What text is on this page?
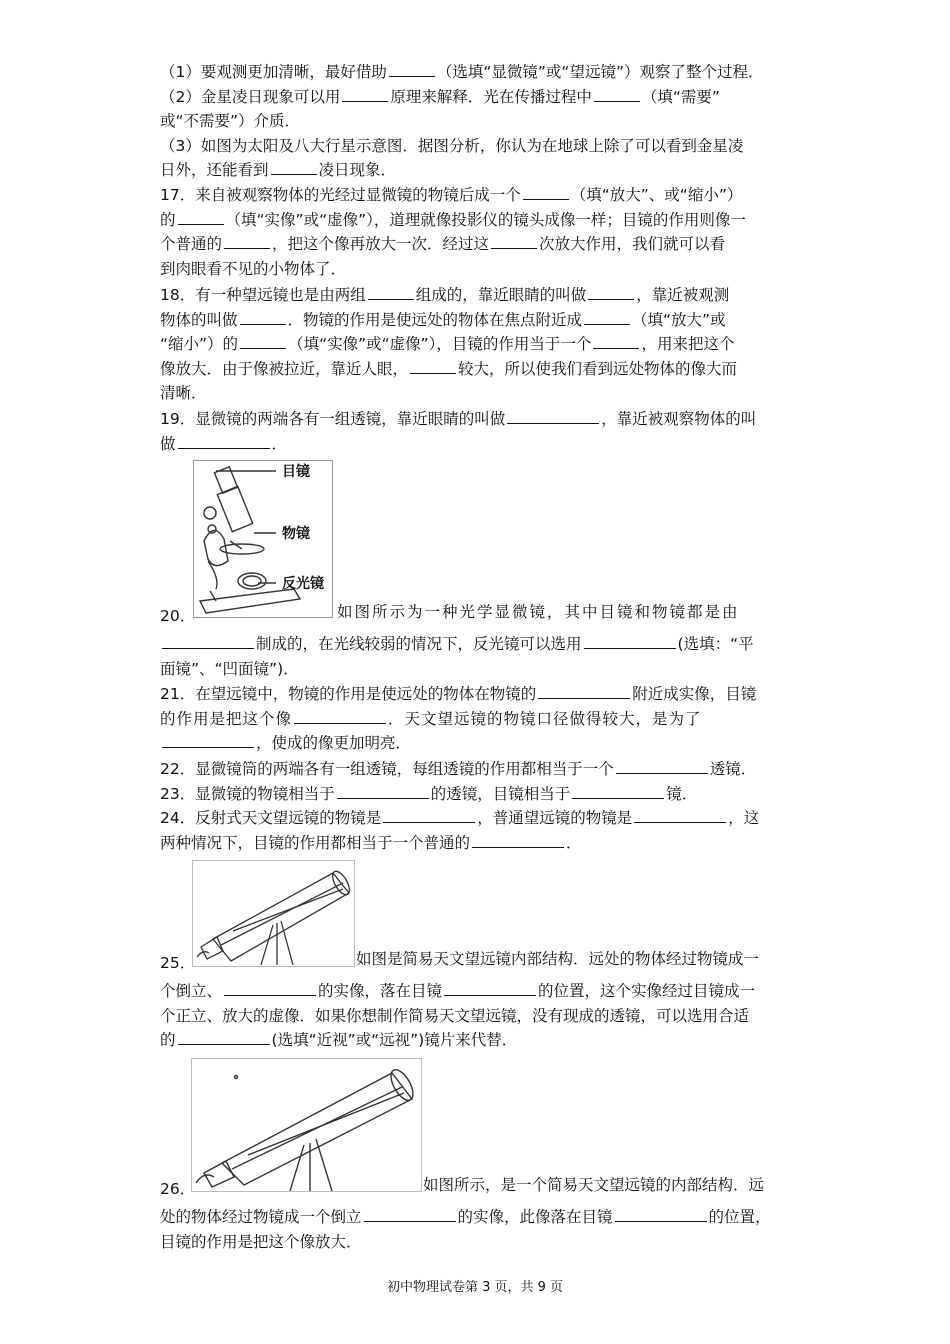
（1）要观测更加清晰，最好借助	（选填“显微镜”或“望远镜”）观察了整个过程．
（2）金星凌日现象可以用	原理来解释．光在传播过程中	（填“需要”
或“不需要”）介质．
（3）如图为太阳及八大行星示意图．据图分析，你认为在地球上除了可以看到金星凌
日外，还能看到	凌日现象．
17．来自被观察物体的光经过显微镜的物镜后成一个	（填“放大”、或“缩小”）
的	（填“实像”或“虚像”），道理就像投影仪的镜头成像一样；目镜的作用则像一
个普通的	，把这个像再放大一次．经过这	次放大作用，我们就可以看
到肉眼看不见的小物体了．
18．有一种望远镜也是由两组	组成的，靠近眼睛的叫做	，靠近被观测
物体的叫做	．物镜的作用是使远处的物体在焦点附近成	（填“放大”或
“缩小”）的	（填“实像”或“虚像”），目镜的作用当于一个	，用来把这个
像放大．由于像被拉近，靠近人眼，	较大，所以使我们看到远处物体的像大而
清晰．
19．显微镜的两端各有一组透镜，靠近眼睛的叫做	，靠近被观察物体的叫
做	．
目镜
物镜
反光镜
20．	如图所示为一种光学显微镜，其中目镜和物镜都是由
制成的，在光线较弱的情况下，反光镜可以选用	(选填：“平
面镜”、“凹面镜”)．
21．在望远镜中，物镜的作用是使远处的物体在物镜的	附近成实像，目镜
的作用是把这个像	．天文望远镜的物镜口径做得较大，是为了
，使成的像更加明亮．
22．显微镜筒的两端各有一组透镜，每组透镜的作用都相当于一个	透镜．
23．显微镜的物镜相当于	的透镜，目镜相当于	镜．
24．反射式天文望远镜的物镜是	，普通望远镜的物镜是	，这
两种情况下，目镜的作用都相当于一个普通的	．
25．	如图是简易天文望远镜内部结构．远处的物体经过物镜成一
个倒立、	的实像，落在目镜	的位置，这个实像经过目镜成一
个正立、放大的虚像．如果你想制作简易天文望远镜，没有现成的透镜，可以选用合适
的	(选填“近视”或“远视”)镜片来代替．
26．	如图所示，是一个简易天文望远镜的内部结构．远
处的物体经过物镜成一个倒立	的实像，此像落在目镜	的位置，
目镜的作用是把这个像放大．
初中物理试卷第 3 页，共 9 页
